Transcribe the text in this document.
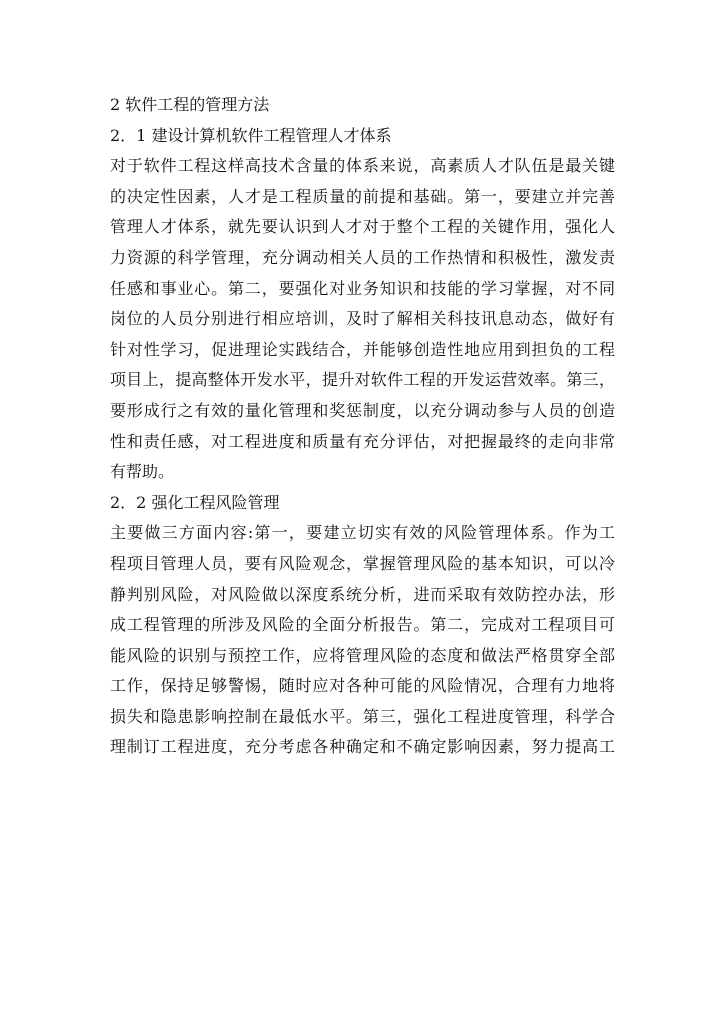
2 软件工程的管理方法
2．1 建设计算机软件工程管理人才体系
对于软件工程这样高技术含量的体系来说，高素质人才队伍是最关键
的决定性因素，人才是工程质量的前提和基础。第一，要建立并完善
管理人才体系，就先要认识到人才对于整个工程的关键作用，强化人
力资源的科学管理，充分调动相关人员的工作热情和积极性，激发责
任感和事业心。第二，要强化对业务知识和技能的学习掌握，对不同
岗位的人员分别进行相应培训，及时了解相关科技讯息动态，做好有
针对性学习，促进理论实践结合，并能够创造性地应用到担负的工程
项目上，提高整体开发水平，提升对软件工程的开发运营效率。第三，
要形成行之有效的量化管理和奖惩制度，以充分调动参与人员的创造
性和责任感，对工程进度和质量有充分评估，对把握最终的走向非常
有帮助。
2．2 强化工程风险管理
主要做三方面内容:第一，要建立切实有效的风险管理体系。作为工
程项目管理人员，要有风险观念，掌握管理风险的基本知识，可以冷
静判别风险，对风险做以深度系统分析，进而采取有效防控办法，形
成工程管理的所涉及风险的全面分析报告。第二，完成对工程项目可
能风险的识别与预控工作，应将管理风险的态度和做法严格贯穿全部
工作，保持足够警惕，随时应对各种可能的风险情况，合理有力地将
损失和隐患影响控制在最低水平。第三，强化工程进度管理，科学合
理制订工程进度，充分考虑各种确定和不确定影响因素，努力提高工
